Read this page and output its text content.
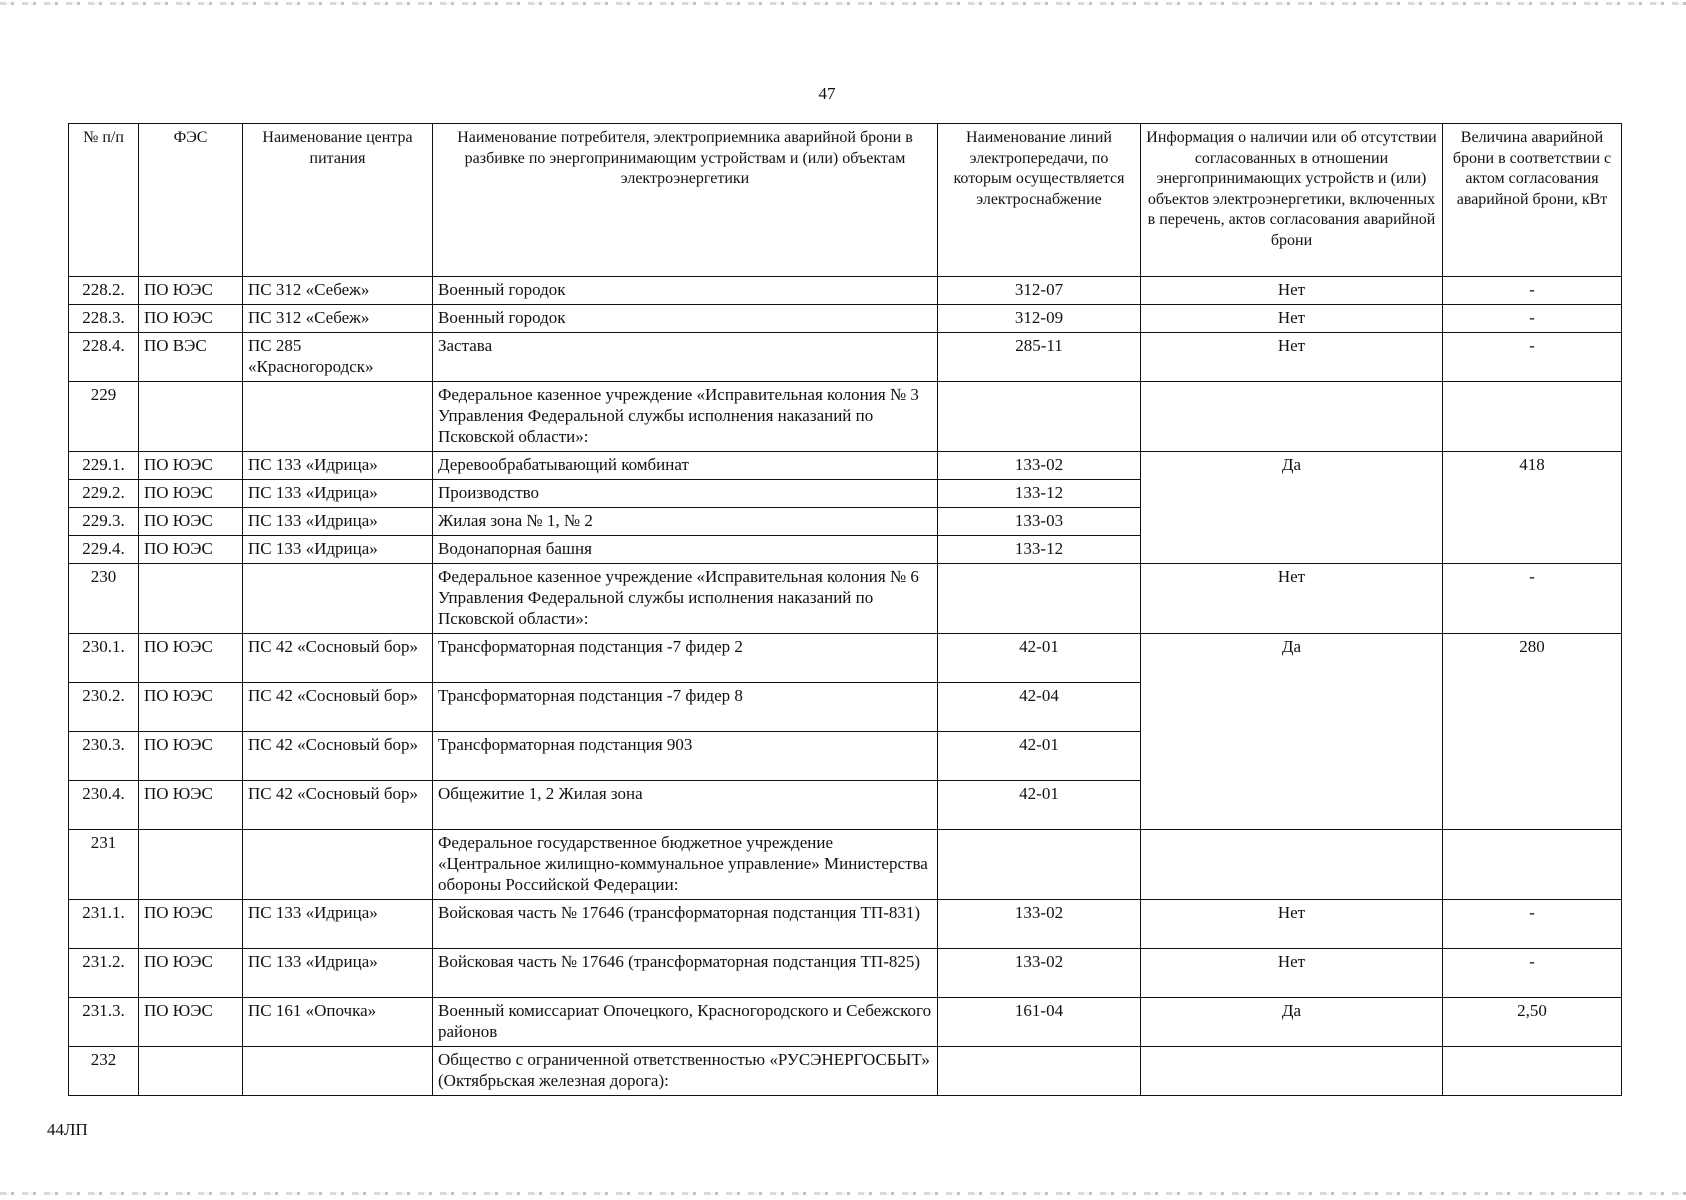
47
№ п/п	ФЭС	Наименование центра питания	Наименование потребителя, электроприемника аварийной брони в разбивке по энергопринимающим устройствам и (или) объектам электроэнергетики	Наименование линий электропередачи, по которым осуществляется электроснабжение	Информация о наличии или об отсутствии согласованных в отношении энергопринимающих устройств и (или) объектов электроэнергетики, включенных в перечень, актов согласования аварийной брони	Величина аварийной брони в соответствии с актом согласования аварийной брони, кВт
228.2.	ПО ЮЭС	ПС 312 «Себеж»	Военный городок	312-07	Нет	-
228.3.	ПО ЮЭС	ПС 312 «Себеж»	Военный городок	312-09	Нет	-
228.4.	ПО ВЭС	ПС 285 «Красногородск»	Застава	285-11	Нет	-
229			Федеральное казенное учреждение «Исправительная колония № 3 Управления Федеральной службы исполнения наказаний по Псковской области»:			
229.1.	ПО ЮЭС	ПС 133 «Идрица»	Деревообрабатывающий комбинат	133-02	Да	418
229.2.	ПО ЮЭС	ПС 133 «Идрица»	Производство	133-12		
229.3.	ПО ЮЭС	ПС 133 «Идрица»	Жилая зона № 1, № 2	133-03		
229.4.	ПО ЮЭС	ПС 133 «Идрица»	Водонапорная башня	133-12		
230			Федеральное казенное учреждение «Исправительная колония № 6 Управления Федеральной службы исполнения наказаний по Псковской области»:		Нет	-
230.1.	ПО ЮЭС	ПС 42 «Сосновый бор»	Трансформаторная подстанция -7 фидер 2	42-01	Да	280
230.2.	ПО ЮЭС	ПС 42 «Сосновый бор»	Трансформаторная подстанция -7 фидер 8	42-04		
230.3.	ПО ЮЭС	ПС 42 «Сосновый бор»	Трансформаторная подстанция 903	42-01		
230.4.	ПО ЮЭС	ПС 42 «Сосновый бор»	Общежитие 1, 2 Жилая зона	42-01		
231			Федеральное государственное бюджетное учреждение «Центральное жилищно-коммунальное управление» Министерства обороны Российской Федерации:			
231.1.	ПО ЮЭС	ПС 133 «Идрица»	Войсковая часть № 17646 (трансформаторная подстанция ТП-831)	133-02	Нет	-
231.2.	ПО ЮЭС	ПС 133 «Идрица»	Войсковая часть № 17646 (трансформаторная подстанция ТП-825)	133-02	Нет	-
231.3.	ПО ЮЭС	ПС 161 «Опочка»	Военный комиссариат Опочецкого, Красногородского и Себежского районов	161-04	Да	2,50
232			Общество с ограниченной ответственностью «РУСЭНЕРГОСБЫТ» (Октябрьская железная дорога):			
44ЛП
